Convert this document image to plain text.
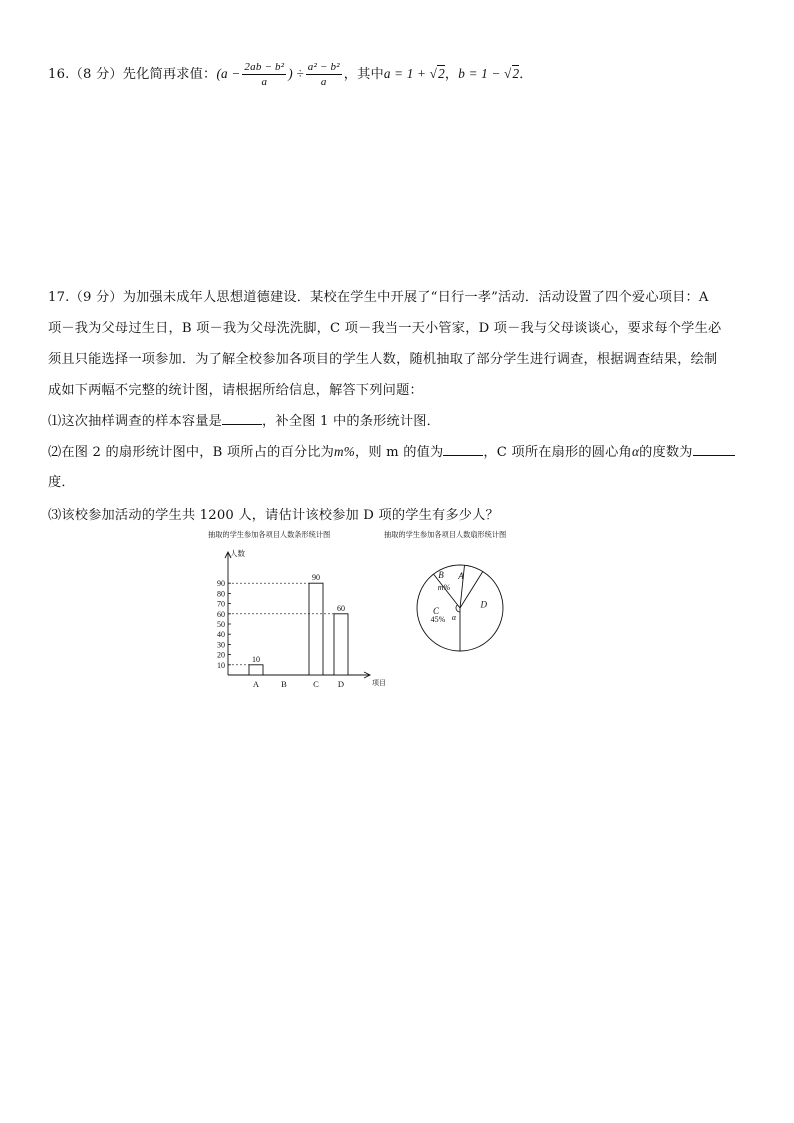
16.（8 分）先化简再求值：($a - \frac{\text{2ab − b²}}{a}$ ) ÷ $\frac{\text{a² − b²}}{a}$ ，其中a = 1 + √2，b = 1 − √2．
17.（9 分）为加强未成年人思想道德建设．某校在学生中开展了“日行一孝”活动．活动设置了四个爱心项目：A
项－我为父母过生日，B 项－我为父母洗洗脚，C 项－我当一天小管家，D 项－我与父母谈谈心，要求每个学生必
须且只能选择一项参加．为了解全校参加各项目的学生人数，随机抽取了部分学生进行调查，根据调查结果，绘制
成如下两幅不完整的统计图，请根据所给信息，解答下列问题：
⑴这次抽样调查的样本容量是	，补全图 1 中的条形统计图．
⑵在图 2 的扇形统计图中，B 项所占的百分比为m%，则 m 的值为	，C 项所在扇形的圆心角α的度数为
度．
⑶该校参加活动的学生共 1200 人，请估计该校参加 D 项的学生有多少人？
抽取的学生参加各项目人数条形统计图	抽取的学生参加各项目人数扇形统计图
人数
项目
10
20
30
40
50
60
70
80
90
A
10
B	C
90
D
60
A
D
C
45%
B
m%
α
